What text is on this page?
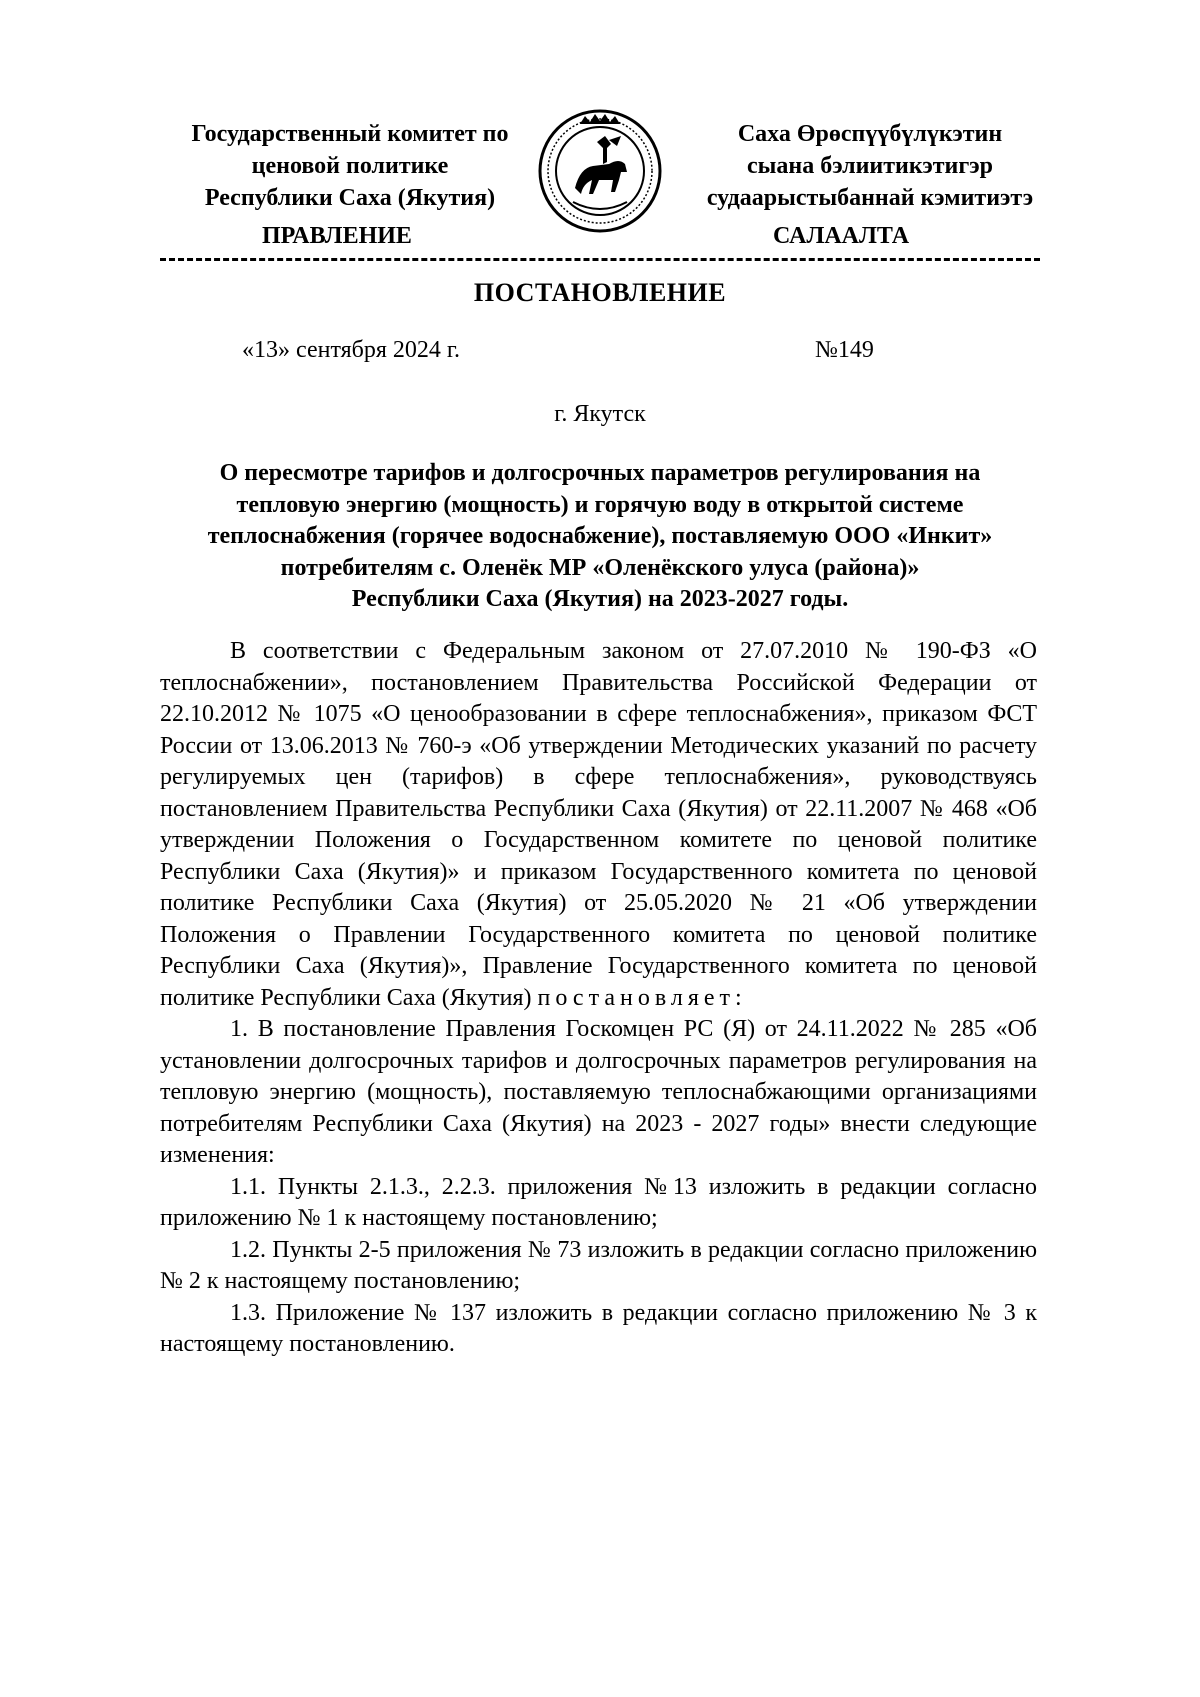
Государственный комитет по
ценовой политике
Республики Саха (Якутия)
Саха Өрөспүүбүлүкэтин
сыана бэлиитикэтигэр
судаарыстыбаннай кэмитиэтэ
ПРАВЛЕНИЕ	САЛААЛТА
ПОСТАНОВЛЕНИЕ
«13» сентября 2024 г.	№149
г. Якутск
О пересмотре тарифов и долгосрочных параметров регулирования на
тепловую энергию (мощность) и горячую воду в открытой системе
теплоснабжения (горячее водоснабжение), поставляемую ООО «Инкит»
потребителям с. Оленёк МР «Оленёкского улуса (района)»
Республики Саха (Якутия) на 2023-2027 годы.

В соответствии с Федеральным законом от 27.07.2010 № 190-ФЗ «О теплоснабжении», постановлением Правительства Российской Федерации от 22.10.2012 № 1075 «О ценообразовании в сфере теплоснабжения», приказом ФСТ России от 13.06.2013 № 760-э «Об утверждении Методических указаний по расчету регулируемых цен (тарифов) в сфере теплоснабжения», руководствуясь постановлением Правительства Республики Саха (Якутия) от 22.11.2007 № 468 «Об утверждении Положения о Государственном комитете по ценовой политике Республики Саха (Якутия)» и приказом Государственного комитета по ценовой политике Республики Саха (Якутия) от 25.05.2020 № 21 «Об утверждении Положения о Правлении Государственного комитета по ценовой политике Республики Саха (Якутия)», Правление Государственного комитета по ценовой политике Республики Саха (Якутия) постановляет:

1. В постановление Правления Госкомцен РС (Я) от 24.11.2022 № 285 «Об установлении долгосрочных тарифов и долгосрочных параметров регулирования на тепловую энергию (мощность), поставляемую теплоснабжающими организациями потребителям Республики Саха (Якутия) на 2023 - 2027 годы» внести следующие изменения:

1.1. Пункты 2.1.3., 2.2.3. приложения №13 изложить в редакции согласно приложению № 1 к настоящему постановлению;

1.2. Пункты 2-5 приложения № 73 изложить в редакции согласно приложению № 2 к настоящему постановлению;

1.3. Приложение № 137 изложить в редакции согласно приложению № 3 к настоящему постановлению.
